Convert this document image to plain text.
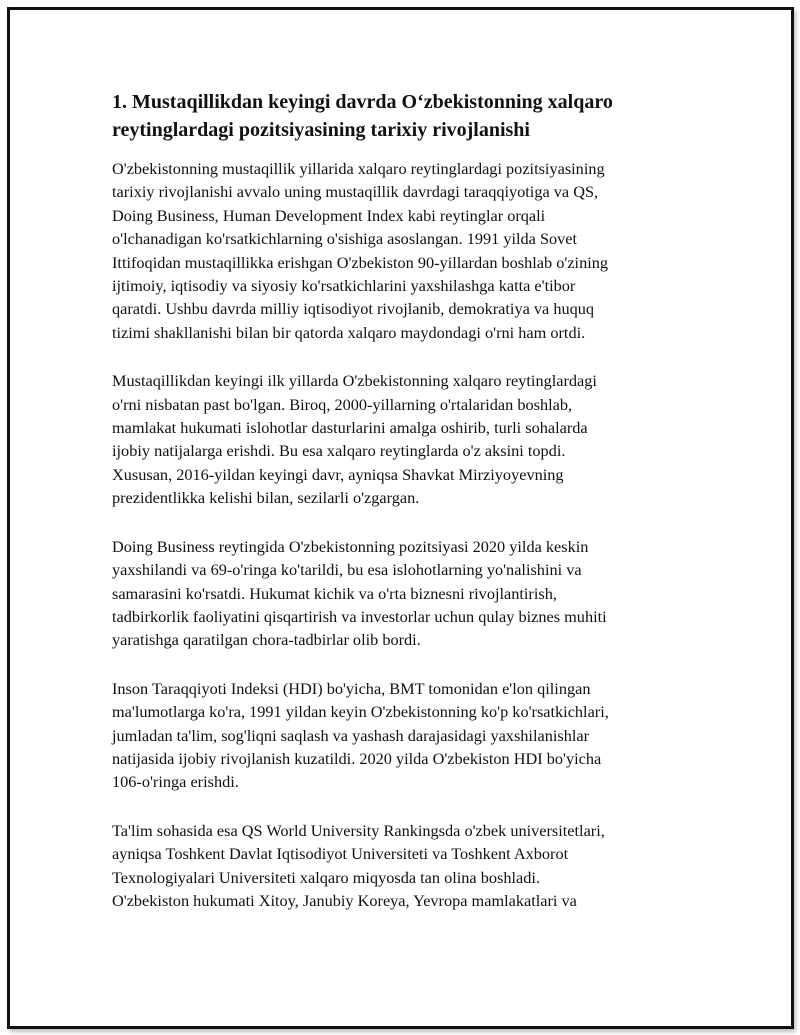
1. Mustaqillikdan keyingi davrda O‘zbekistonning xalqaro
reytinglardagi pozitsiyasining tarixiy rivojlanishi

O'zbekistonning mustaqillik yillarida xalqaro reytinglardagi pozitsiyasining
tarixiy rivojlanishi avvalo uning mustaqillik davrdagi taraqqiyotiga va QS,
Doing Business, Human Development Index kabi reytinglar orqali
o'lchanadigan ko'rsatkichlarning o'sishiga asoslangan. 1991 yilda Sovet
Ittifoqidan mustaqillikka erishgan O'zbekiston 90-yillardan boshlab o'zining
ijtimoiy, iqtisodiy va siyosiy ko'rsatkichlarini yaxshilashga katta e'tibor
qaratdi. Ushbu davrda milliy iqtisodiyot rivojlanib, demokratiya va huquq
tizimi shakllanishi bilan bir qatorda xalqaro maydondagi o'rni ham ortdi.

Mustaqillikdan keyingi ilk yillarda O'zbekistonning xalqaro reytinglardagi
o'rni nisbatan past bo'lgan. Biroq, 2000-yillarning o'rtalaridan boshlab,
mamlakat hukumati islohotlar dasturlarini amalga oshirib, turli sohalarda
ijobiy natijalarga erishdi. Bu esa xalqaro reytinglarda o'z aksini topdi.
Xususan, 2016-yildan keyingi davr, ayniqsa Shavkat Mirziyoyevning
prezidentlikka kelishi bilan, sezilarli o'zgargan.

Doing Business reytingida O'zbekistonning pozitsiyasi 2020 yilda keskin
yaxshilandi va 69-o'ringa ko'tarildi, bu esa islohotlarning yo'nalishini va
samarasini ko'rsatdi. Hukumat kichik va o'rta biznesni rivojlantirish,
tadbirkorlik faoliyatini qisqartirish va investorlar uchun qulay biznes muhiti
yaratishga qaratilgan chora-tadbirlar olib bordi.

Inson Taraqqiyoti Indeksi (HDI) bo'yicha, BMT tomonidan e'lon qilingan
ma'lumotlarga ko'ra, 1991 yildan keyin O'zbekistonning ko'p ko'rsatkichlari,
jumladan ta'lim, sog'liqni saqlash va yashash darajasidagi yaxshilanishlar
natijasida ijobiy rivojlanish kuzatildi. 2020 yilda O'zbekiston HDI bo'yicha
106-o'ringa erishdi.

Ta'lim sohasida esa QS World University Rankingsda o'zbek universitetlari,
ayniqsa Toshkent Davlat Iqtisodiyot Universiteti va Toshkent Axborot
Texnologiyalari Universiteti xalqaro miqyosda tan olina boshladi.
O'zbekiston hukumati Xitoy, Janubiy Koreya, Yevropa mamlakatlari va
